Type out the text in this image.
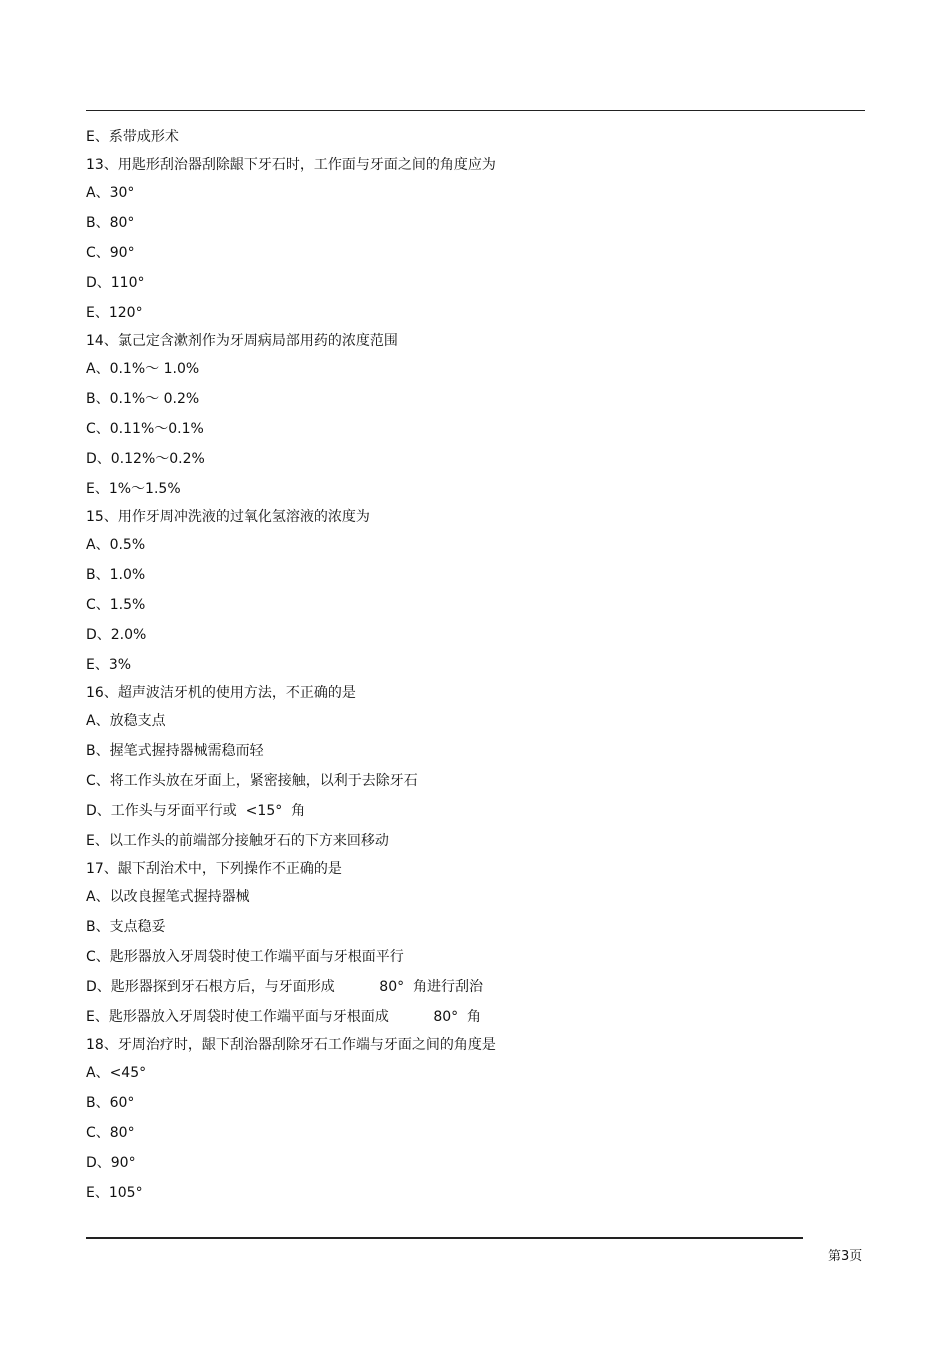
E、系带成形术
13、用匙形刮治器刮除龈下牙石时，工作面与牙面之间的角度应为
A、30°
B、80°
C、90°
D、110°
E、120°
14、氯己定含漱剂作为牙周病局部用药的浓度范围
A、0.1%～ 1.0%
B、0.1%～ 0.2%
C、0.11%～0.1%
D、0.12%～0.2%
E、1%～1.5%
15、用作牙周冲洗液的过氧化氢溶液的浓度为
A、0.5%
B、1.0%
C、1.5%
D、2.0%
E、3%
16、超声波洁牙机的使用方法，不正确的是
A、放稳支点
B、握笔式握持器械需稳而轻
C、将工作头放在牙面上，紧密接触，以利于去除牙石
D、工作头与牙面平行或  <15°  角
E、以工作头的前端部分接触牙石的下方来回移动
17、龈下刮治术中，下列操作不正确的是
A、以改良握笔式握持器械
B、支点稳妥
C、匙形器放入牙周袋时使工作端平面与牙根面平行
D、匙形器探到牙石根方后，与牙面形成          80°  角进行刮治
E、匙形器放入牙周袋时使工作端平面与牙根面成          80°  角
18、牙周治疗时，龈下刮治器刮除牙石工作端与牙面之间的角度是
A、<45°
B、60°
C、80°
D、90°
E、105°
第3页
